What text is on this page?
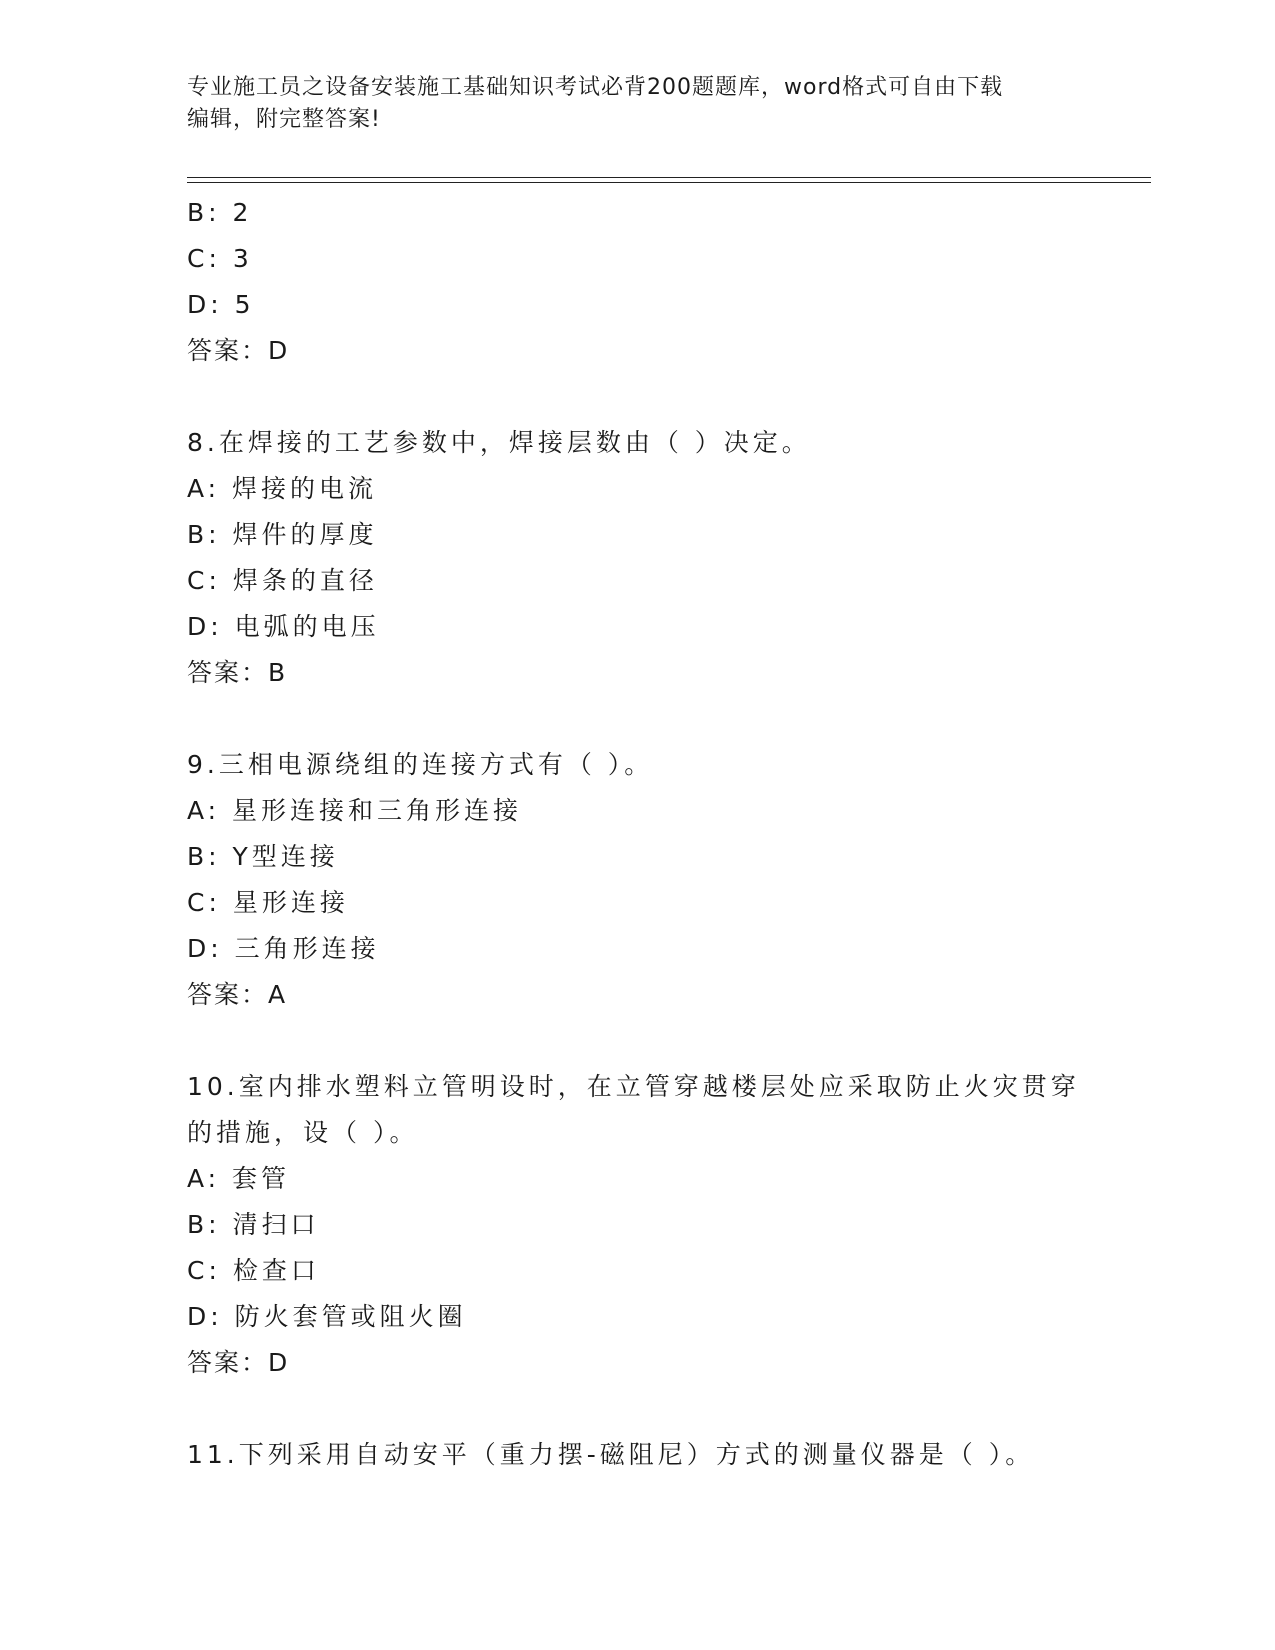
专业施工员之设备安装施工基础知识考试必背200题题库，word格式可自由下载
编辑，附完整答案!
B: 2
C: 3
D: 5
答案：D
8.在焊接的工艺参数中，焊接层数由（ ）决定。
A: 焊接的电流
B: 焊件的厚度
C: 焊条的直径
D: 电弧的电压
答案：B
9.三相电源绕组的连接方式有（ ）。
A: 星形连接和三角形连接
B: Y型连接
C: 星形连接
D: 三角形连接
答案：A
10.室内排水塑料立管明设时，在立管穿越楼层处应采取防止火灾贯穿
的措施，设（ ）。
A: 套管
B: 清扫口
C: 检查口
D: 防火套管或阻火圈
答案：D
11.下列采用自动安平（重力摆-磁阻尼）方式的测量仪器是（ ）。
